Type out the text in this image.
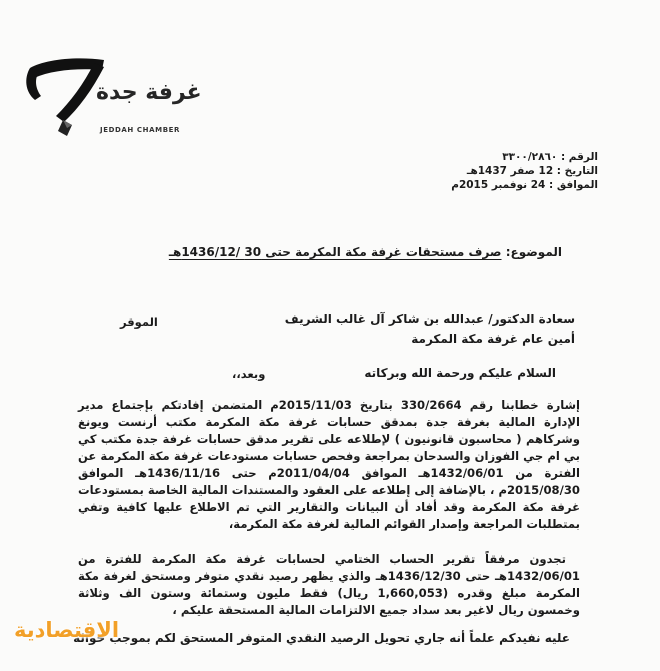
غرفة جدة
JEDDAH CHAMBER
الرقم : ٣٣٠٠/٢٨٦٠
التاريخ : 12 صفر 1437هـ
الموافق : 24 نوفمبر 2015م
الموضوع: صرف مستحقات غرفة مكة المكرمة حتى 30 /1436/12هـ
سعادة الدكتور/ عبدالله بن شاكر آل غالب الشريف
الموقر
أمين عام غرفة مكة المكرمة
السلام عليكم ورحمة الله وبركاته
وبعد،،
إشارة خطابنا رقم 330/2664 بتاريخ 2015/11/03م المتضمن إفادتكم بإجتماع مدير الإدارة المالية بغرفة جدة بمدقق حسابات غرفة مكة المكرمة مكتب أرنست ويونغ وشركاهم ( محاسبون قانونيون ) لإطلاعه على تقرير مدقق حسابات غرفة جدة مكتب كي بي ام جي الفوزان والسدحان بمراجعة وفحص حسابات مستودعات غرفة مكة المكرمة عن الفترة من 1432/06/01هـ الموافق 2011/04/04م حتى 1436/11/16هـ الموافق 2015/08/30م ، بالإضافة إلى إطلاعه على العقود والمستندات المالية الخاصة بمستودعات غرفة مكة المكرمة وقد أفاد أن البيانات والتقارير التي تم الاطلاع عليها كافية وتفي بمتطلبات المراجعة وإصدار القوائم المالية لغرفة مكة المكرمة،
تجدون مرفقاً تقرير الحساب الختامي لحسابات غرفة مكة المكرمة للفترة من 1432/06/01هـ حتى 1436/12/30هـ والذي يظهر رصيد نقدي متوفر ومستحق لغرفة مكة المكرمة مبلغ وقدره (1,660,053 ريال) فقط مليون وستمائة وستون الف وثلاثة وخمسون ريال لاغير بعد سداد جميع الالتزامات المالية المستحقة عليكم ،
عليه نفيدكم علماً أنه جاري تحويل الرصيد النقدي المتوفر المستحق لكم بموجب حوالة
الاقتصادية
